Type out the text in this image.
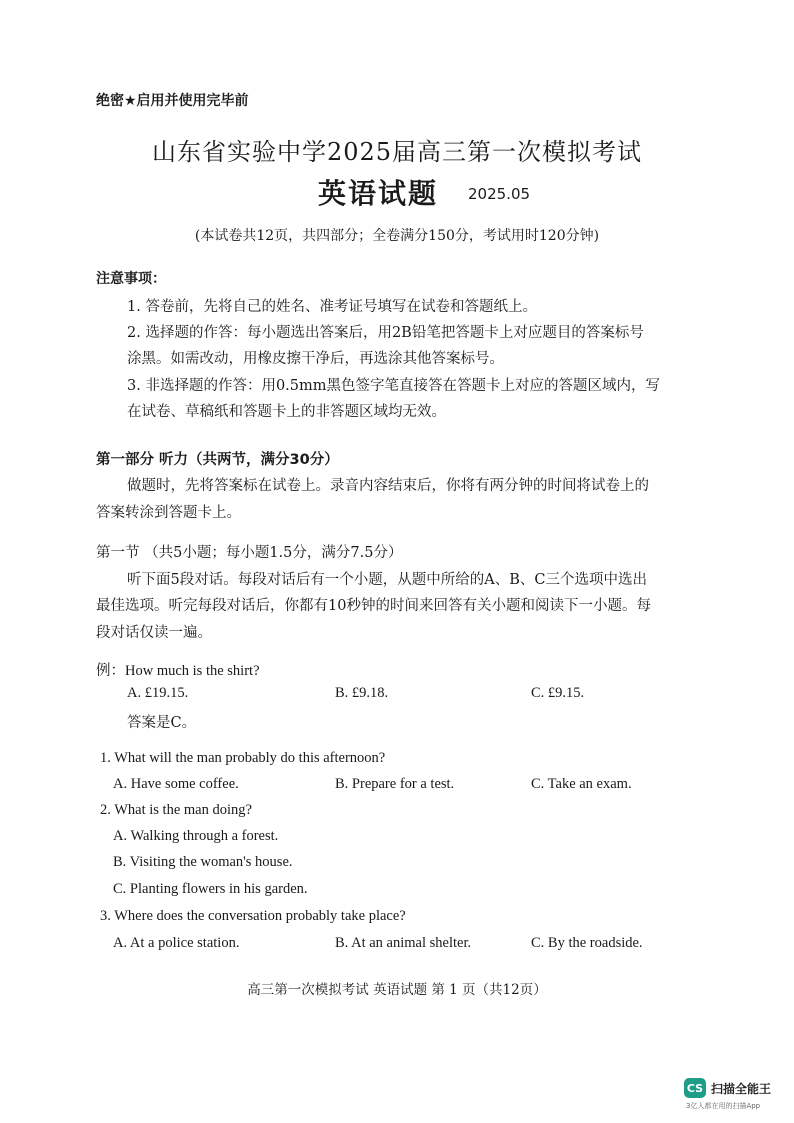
绝密★启用并使用完毕前
山东省实验中学2025届高三第一次模拟考试
英语试题 2025.05
(本试卷共12页，共四部分；全卷满分150分，考试用时120分钟)
注意事项：
1. 答卷前，先将自己的姓名、准考证号填写在试卷和答题纸上。
2. 选择题的作答：每小题选出答案后，用2B铅笔把答题卡上对应题目的答案标号
涂黑。如需改动，用橡皮擦干净后，再选涂其他答案标号。
3. 非选择题的作答：用0.5mm黑色签字笔直接答在答题卡上对应的答题区域内，写
在试卷、草稿纸和答题卡上的非答题区域均无效。
第一部分 听力（共两节，满分30分）
做题时，先将答案标在试卷上。录音内容结束后，你将有两分钟的时间将试卷上的
答案转涂到答题卡上。
第一节 （共5小题；每小题1.5分，满分7.5分）
听下面5段对话。每段对话后有一个小题，从题中所给的A、B、C三个选项中选出
最佳选项。听完每段对话后，你都有10秒钟的时间来回答有关小题和阅读下一小题。每
段对话仅读一遍。
例：How much is the shirt?
A. £19.15.	B. £9.18.	C. £9.15.
答案是C。
1. What will the man probably do this afternoon?
A. Have some coffee.	B. Prepare for a test.	C. Take an exam.
2. What is the man doing?
A. Walking through a forest.
B. Visiting the woman's house.
C. Planting flowers in his garden.
3. Where does the conversation probably take place?
A. At a police station.	B. At an animal shelter.	C. By the roadside.
高三第一次模拟考试 英语试题 第 1 页（共12页）
CS 扫描全能王
3亿人都在用的扫描App
